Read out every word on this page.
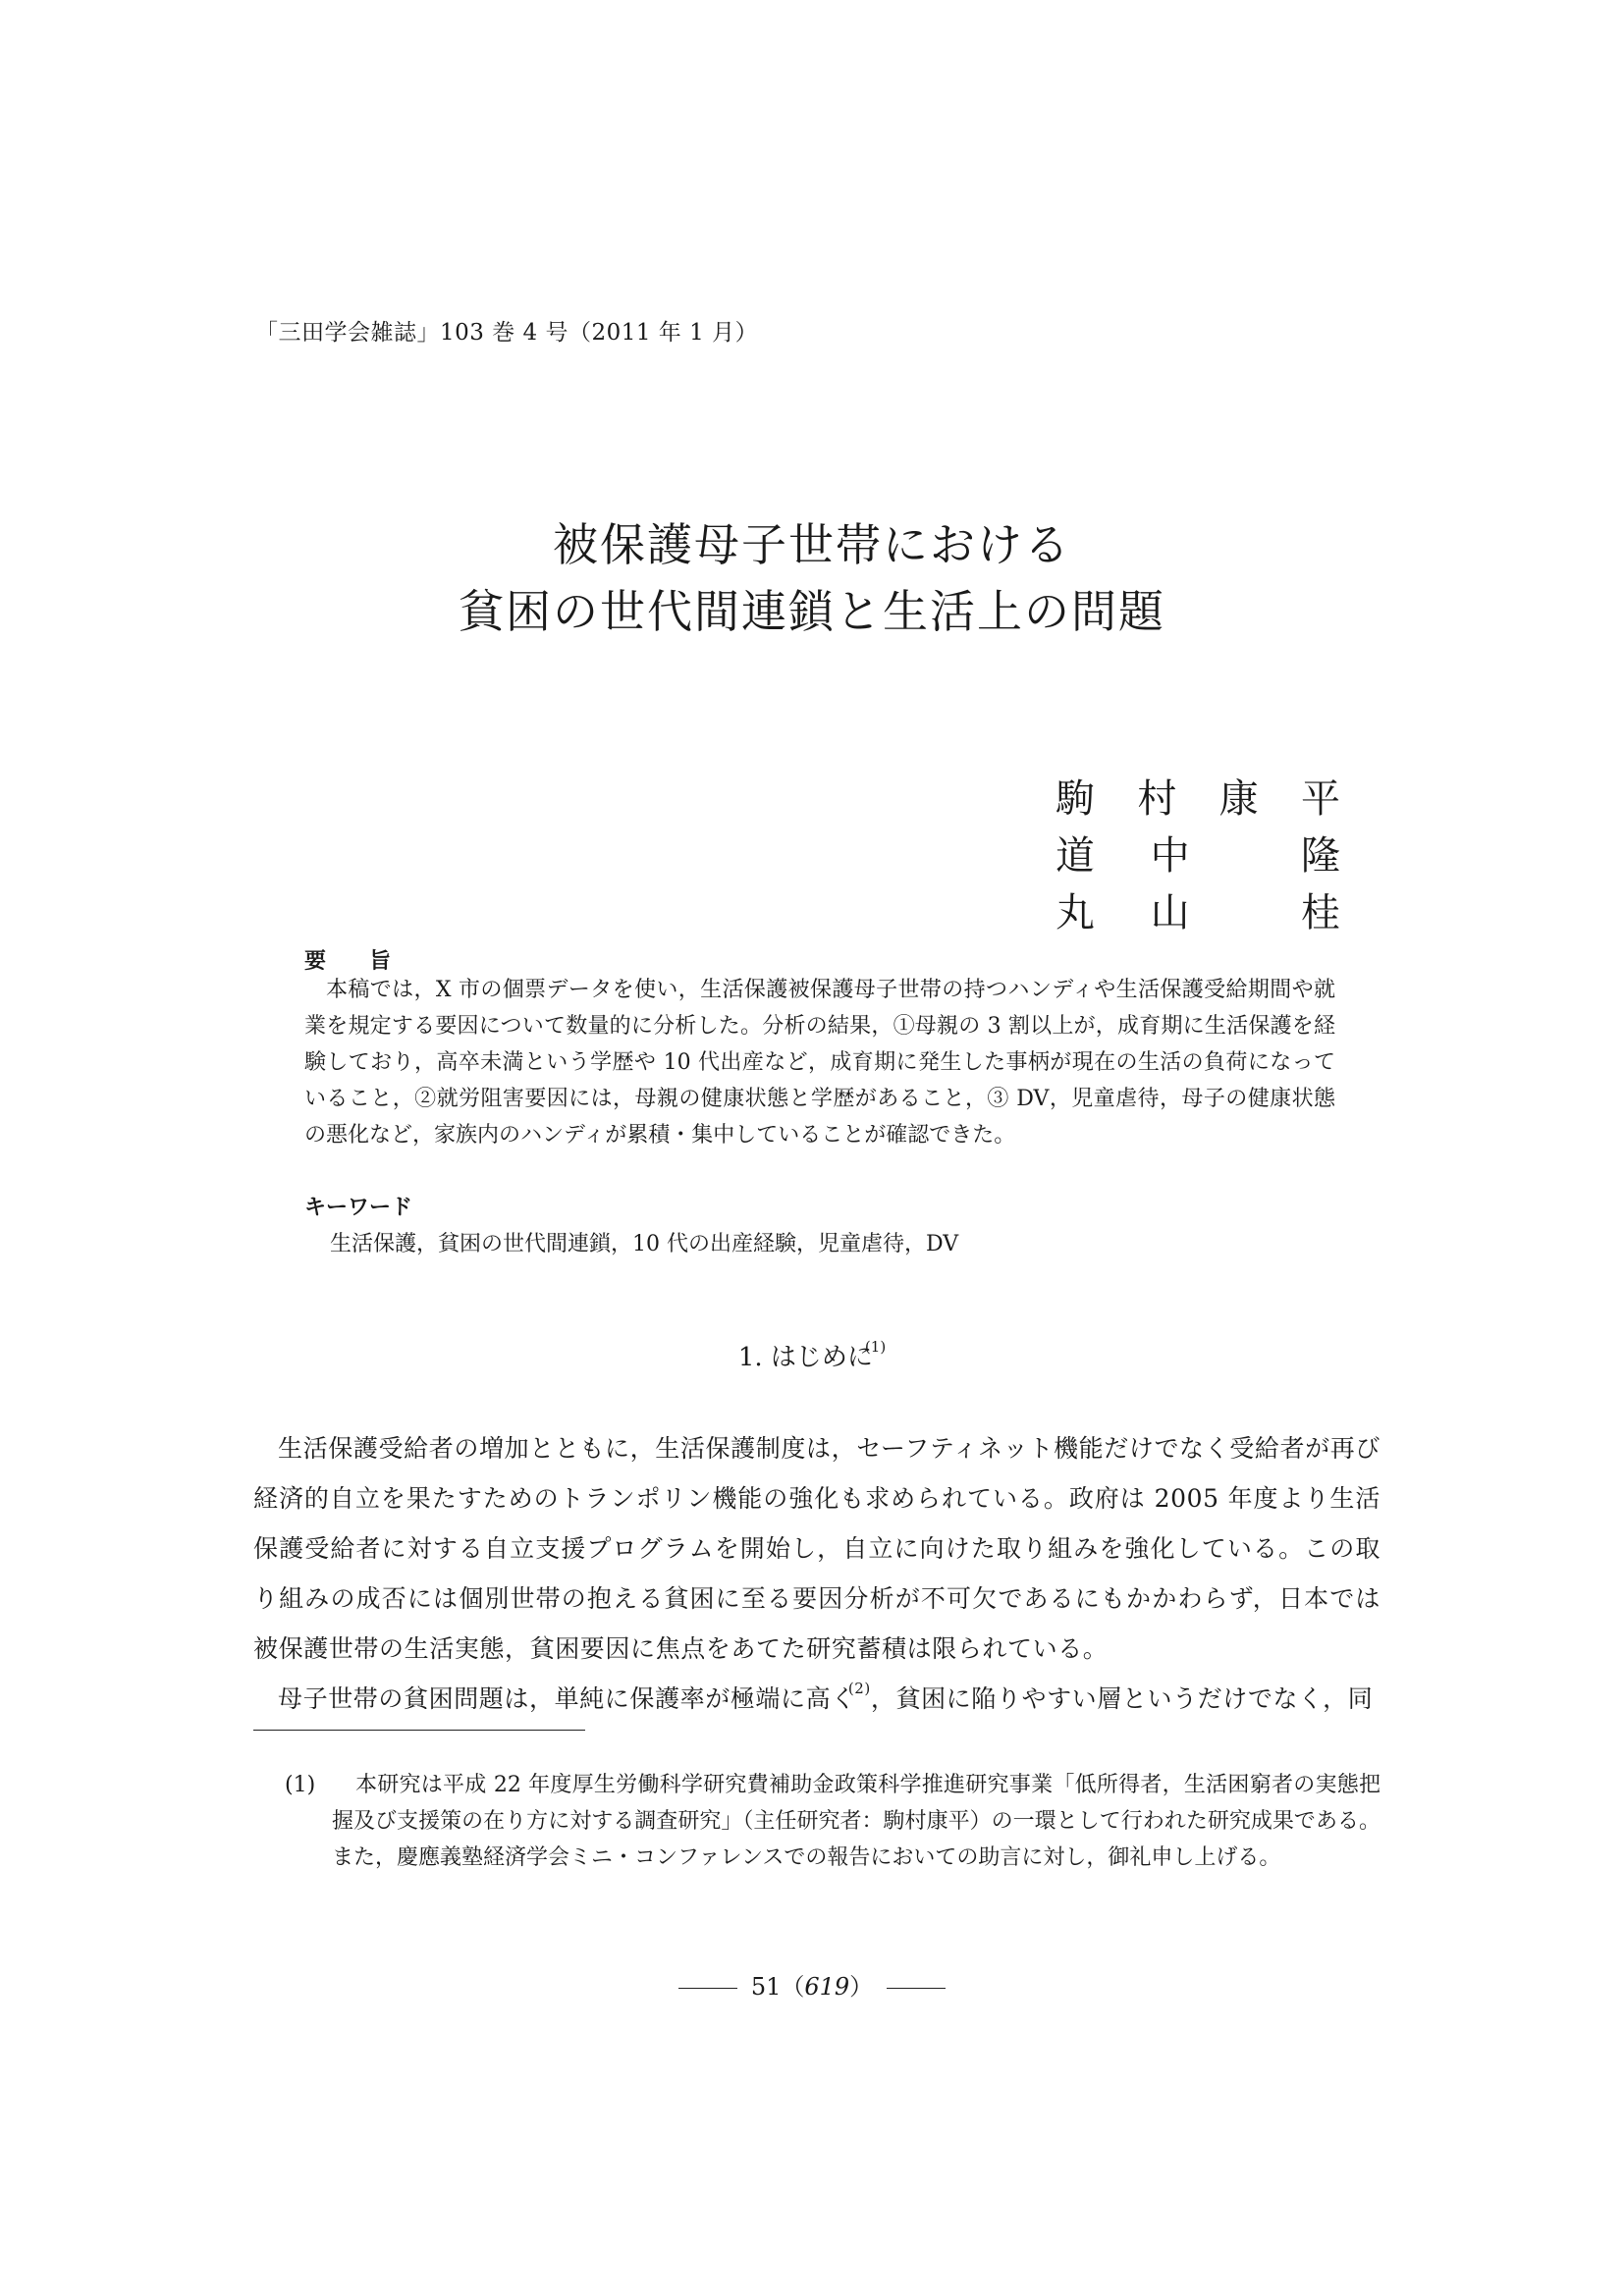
「三田学会雑誌」103 巻 4 号（2011 年 1 月）
被保護母子世帯における
貧困の世代間連鎖と生活上の問題
駒 村 康 平
道 中	隆
丸 山	桂
要　　旨
本稿では，X 市の個票データを使い，生活保護被保護母子世帯の持つハンディや生活保護受給期間や就業を規定する要因について数量的に分析した。分析の結果，①母親の 3 割以上が，成育期に生活保護を経験しており，高卒未満という学歴や 10 代出産など，成育期に発生した事柄が現在の生活の負荷になっていること，②就労阻害要因には，母親の健康状態と学歴があること，③ DV，児童虐待，母子の健康状態の悪化など，家族内のハンディが累積・集中していることが確認できた。
キーワード
生活保護，貧困の世代間連鎖，10 代の出産経験，児童虐待，DV
1. はじめに$^{(1)}$

生活保護受給者の増加とともに，生活保護制度は，セーフティネット機能だけでなく受給者が再び経済的自立を果たすためのトランポリン機能の強化も求められている。政府は 2005 年度より生活保護受給者に対する自立支援プログラムを開始し，自立に向けた取り組みを強化している。この取り組みの成否には個別世帯の抱える貧困に至る要因分析が不可欠であるにもかかわらず，日本では被保護世帯の生活実態，貧困要因に焦点をあてた研究蓄積は限られている。

母子世帯の貧困問題は，単純に保護率が極端に高く$^{(2)}$，貧困に陥りやすい層というだけでなく，同

(1)	本研究は平成 22 年度厚生労働科学研究費補助金政策科学推進研究事業「低所得者，生活困窮者の実態把握及び支援策の在り方に対する調査研究」（主任研究者：駒村康平）の一環として行われた研究成果である。また，慶應義塾経済学会ミニ・コンファレンスでの報告においての助言に対し，御礼申し上げる。
51（619）
